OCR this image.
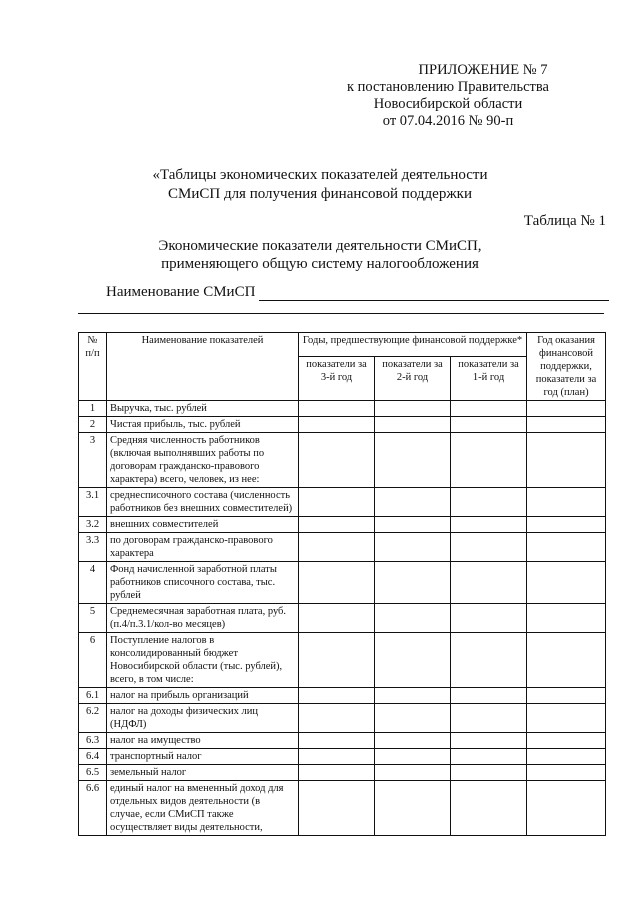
ПРИЛОЖЕНИЕ № 7
к постановлению Правительства
Новосибирской области
от 07.04.2016 № 90-п
«Таблицы экономических показателей деятельности
СМиСП для получения финансовой поддержки
Таблица № 1
Экономические показатели деятельности СМиСП,
применяющего общую систему налогообложения
Наименование СМиСП
№ п/п	Наименование показателей	Годы, предшествующие финансовой поддержке*			Год оказания финансовой поддержки, показатели за год (план)
		показатели за 3-й год	показатели за 2-й год	показатели за 1-й год	
1	Выручка, тыс. рублей				
2	Чистая прибыль, тыс. рублей				
3	Средняя численность работников (включая выполнявших работы по договорам гражданско-правового характера) всего, человек, из нее:				
3.1	среднесписочного состава (численность работников без внешних совместителей)				
3.2	внешних совместителей				
3.3	по договорам гражданско-правового характера				
4	Фонд начисленной заработной платы работников списочного состава, тыс. рублей				
5	Среднемесячная заработная плата, руб. (п.4/п.3.1/кол-во месяцев)				
6	Поступление налогов в консолидированный бюджет Новосибирской области (тыс. рублей), всего, в том числе:				
6.1	налог на прибыль организаций				
6.2	налог на доходы физических лиц (НДФЛ)				
6.3	налог на имущество				
6.4	транспортный налог				
6.5	земельный налог				
6.6	единый налог на вмененный доход для отдельных видов деятельности (в случае, если СМиСП также осуществляет виды деятельности,				
